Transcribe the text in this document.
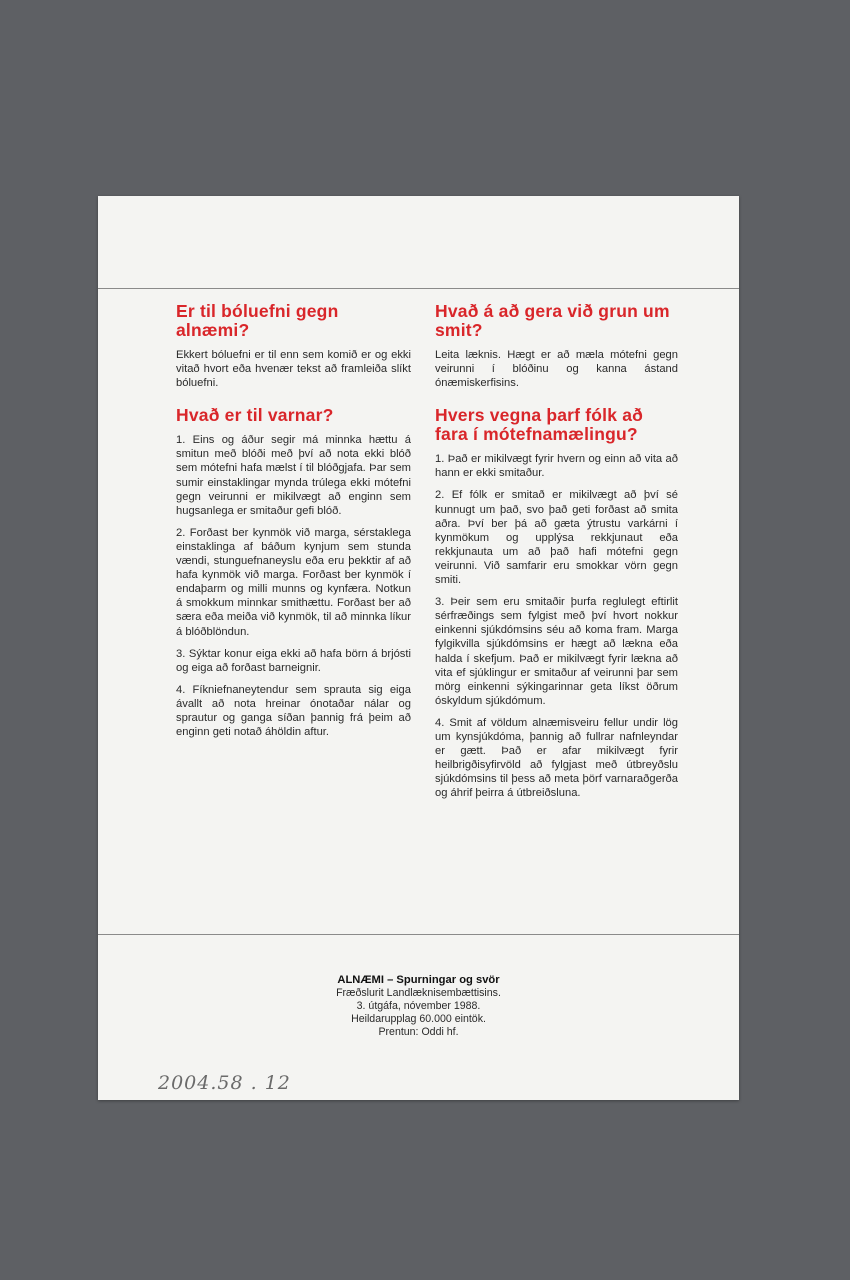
Er til bóluefni gegn alnæmi?

Ekkert bóluefni er til enn sem komið er og ekki vitað hvort eða hvenær tekst að framleiða slíkt bóluefni.

Hvað er til varnar?

1. Eins og áður segir má minnka hættu á smitun með blóði með því að nota ekki blóð sem mótefni hafa mælst í til blóðgjafa. Þar sem sumir einstaklingar mynda trúlega ekki mótefni gegn veirunni er mikilvægt að enginn sem hugsanlega er smitaður gefi blóð.

2. Forðast ber kynmök við marga, sérstaklega einstaklinga af báðum kynjum sem stunda vændi, stunguefnaneyslu eða eru þekktir af að hafa kynmök við marga. Forðast ber kynmök í endaþarm og milli munns og kynfæra. Notkun á smokkum minnkar smithættu. Forðast ber að særa eða meiða við kynmök, til að minnka líkur á blóðblöndun.

3. Sýktar konur eiga ekki að hafa börn á brjósti og eiga að forðast barneignir.

4. Fíkniefnaneytendur sem sprauta sig eiga ávallt að nota hreinar ónotaðar nálar og sprautur og ganga síðan þannig frá þeim að enginn geti notað áhöldin aftur.

Hvað á að gera við grun um smit?

Leita læknis. Hægt er að mæla mótefni gegn veirunni í blóðinu og kanna ástand ónæmiskerfisins.

Hvers vegna þarf fólk að fara í mótefnamælingu?

1. Það er mikilvægt fyrir hvern og einn að vita að hann er ekki smitaður.

2. Ef fólk er smitað er mikilvægt að því sé kunnugt um það, svo það geti forðast að smita aðra. Því ber þá að gæta ýtrustu varkárni í kynmökum og upplýsa rekkjunaut eða rekkjunauta um að það hafi mótefni gegn veirunni. Við samfarir eru smokkar vörn gegn smiti.

3. Þeir sem eru smitaðir þurfa reglulegt eftirlit sérfræðings sem fylgist með því hvort nokkur einkenni sjúkdómsins séu að koma fram. Marga fylgikvilla sjúkdómsins er hægt að lækna eða halda í skefjum. Það er mikilvægt fyrir lækna að vita ef sjúklingur er smitaður af veirunni þar sem mörg einkenni sýkingarinnar geta líkst öðrum óskyldum sjúkdómum.

4. Smit af völdum alnæmisveiru fellur undir lög um kynsjúkdóma, þannig að fullrar nafnleyndar er gætt. Það er afar mikilvægt fyrir heilbrigðisyfirvöld að fylgjast með útbreyðslu sjúkdómsins til þess að meta þörf varnaraðgerða og áhrif þeirra á útbreiðsluna.

ALNÆMI – Spurningar og svör
Fræðslurit Landlæknisembættisins.
3. útgáfa, nóvember 1988.
Heildarupplag 60.000 eintök.
Prentun: Oddi hf.
2004.58 . 12
